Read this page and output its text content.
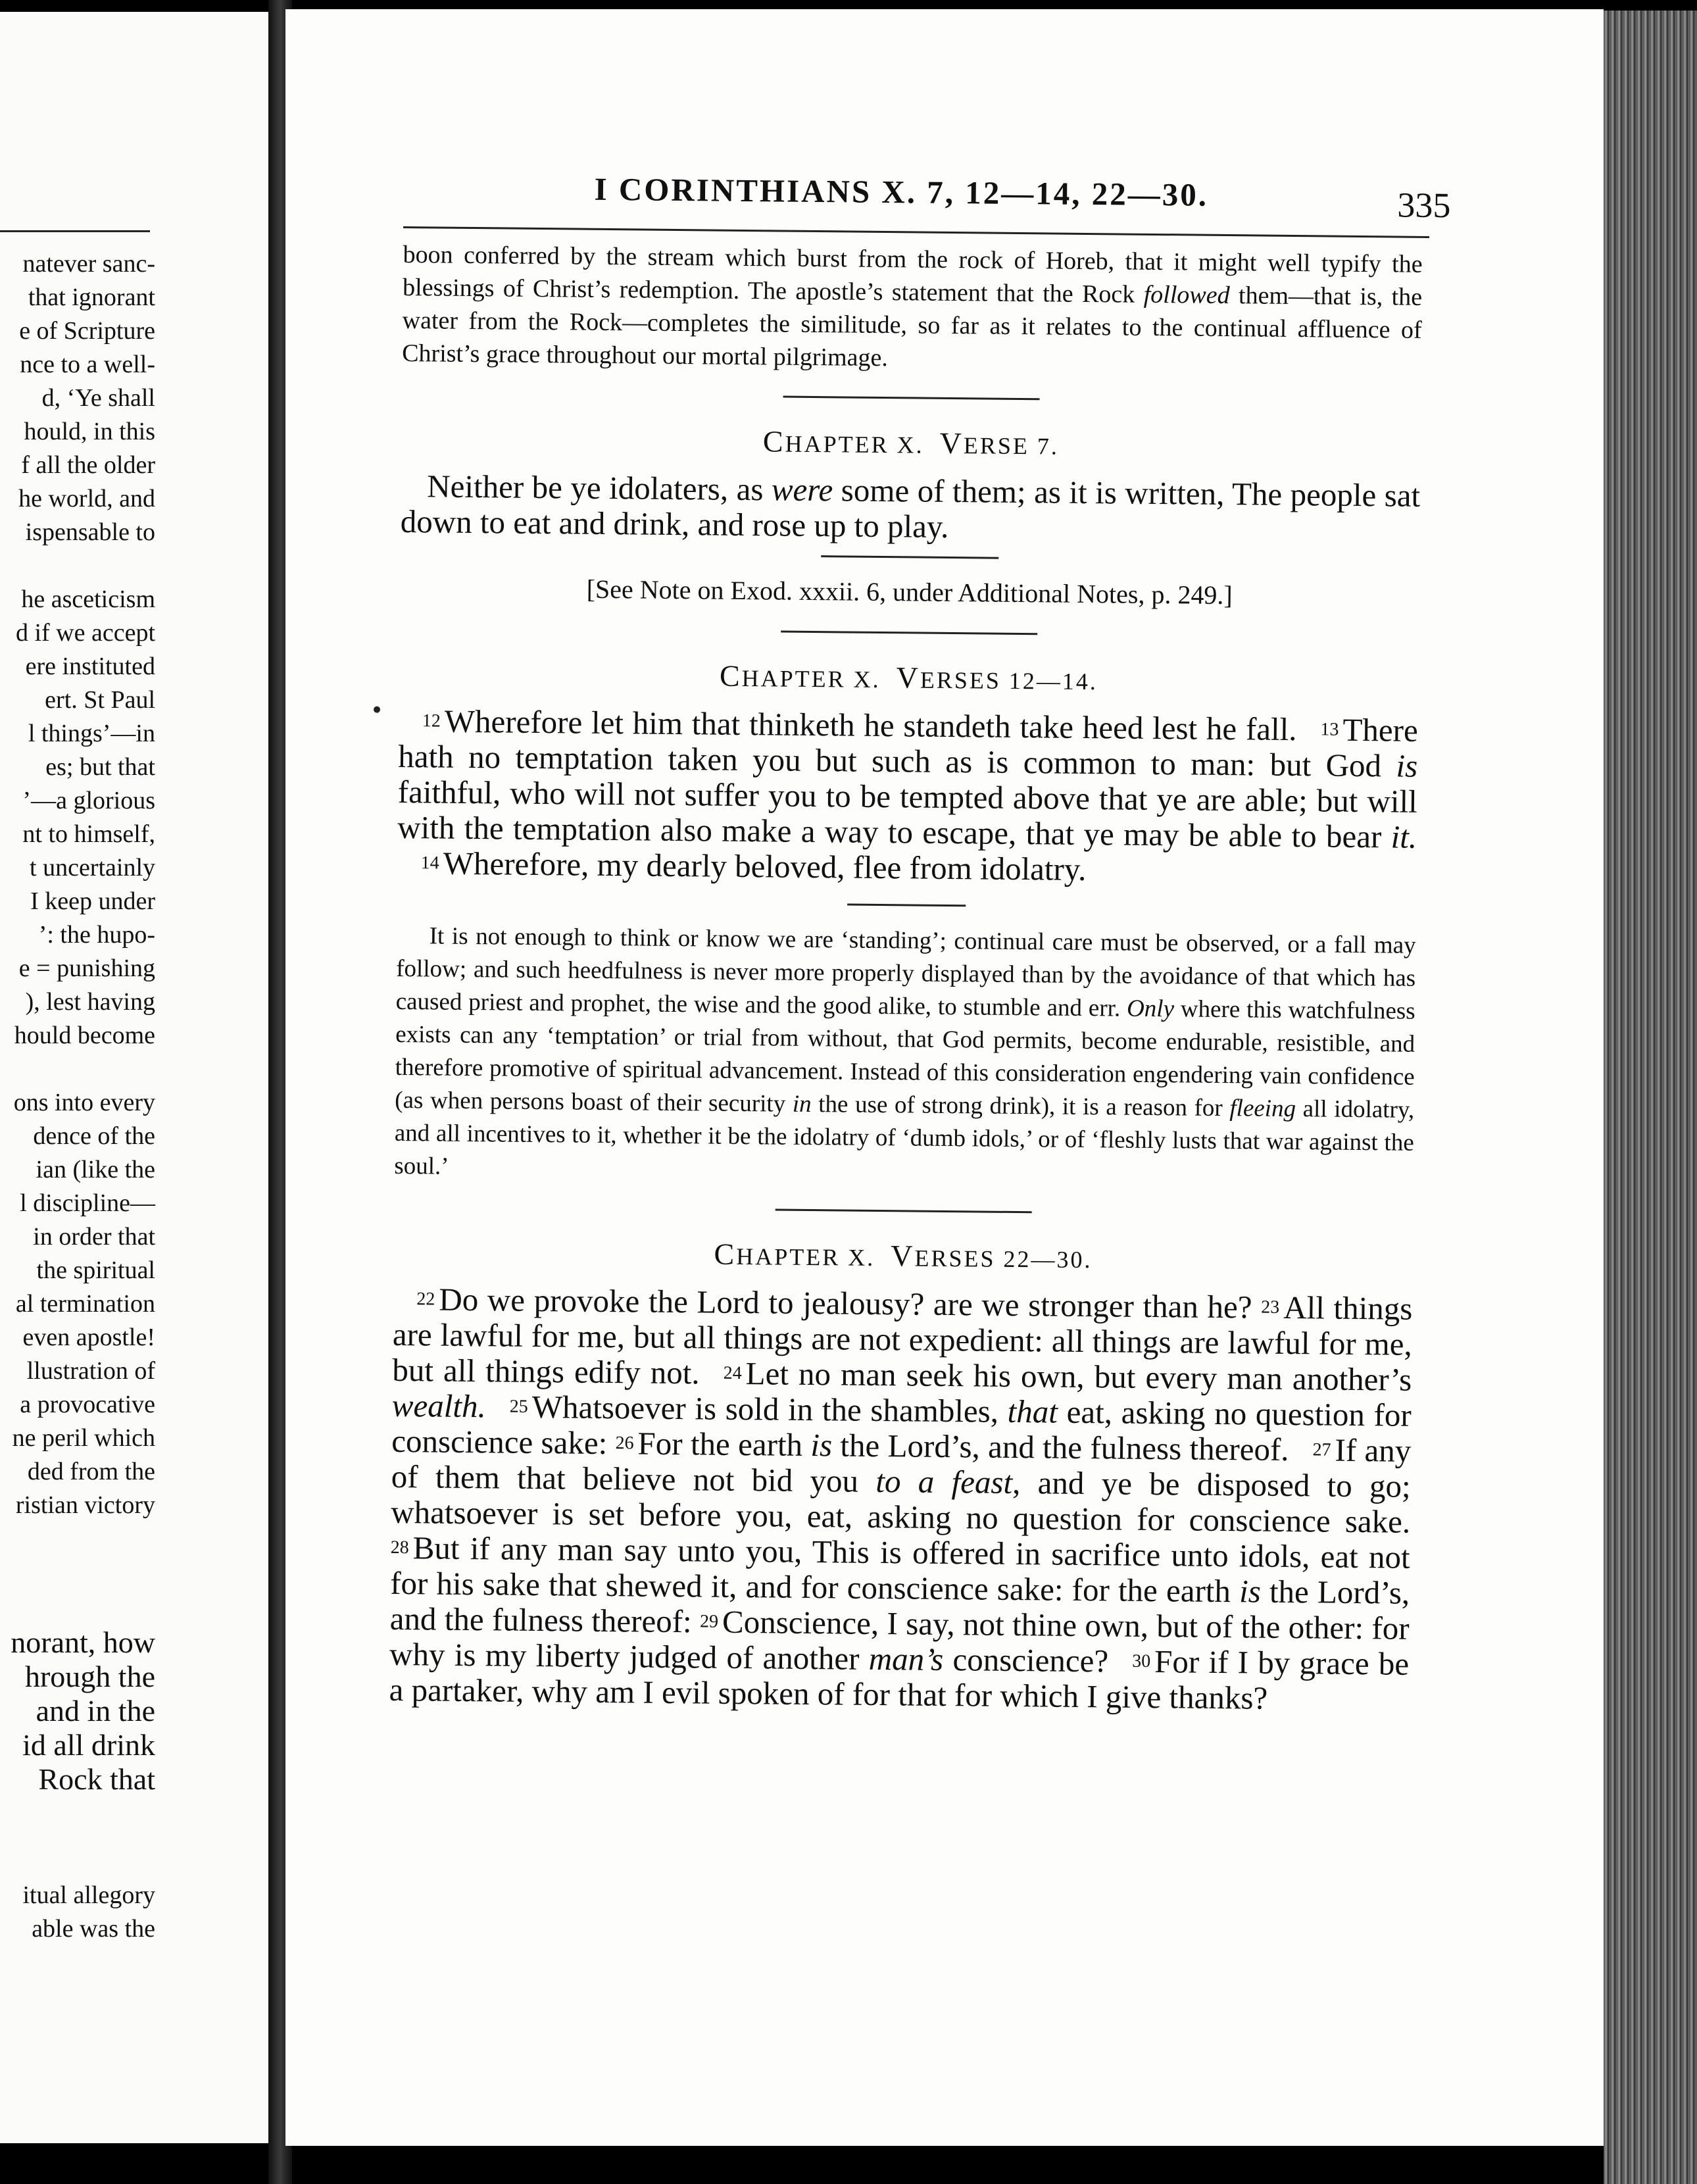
natever sanc-
that ignorant
e of Scripture
nce to a well-
d, ‘Ye shall
hould, in this
f all the older
he world, and
ispensable to
he asceticism
d if we accept
ere instituted
ert. St Paul
l things’—in
es; but that
’—a glorious
nt to himself,
t uncertainly
I keep under
’: the hupo-
e = punishing
), lest having
hould become
ons into every
dence of the
ian (like the
l discipline—
in order that
the spiritual
al termination
even apostle!
llustration of
a provocative
ne peril which
ded from the
ristian victory
norant, how
hrough the
and in the
id all drink
Rock that
itual allegory
able was the
I CORINTHIANS X. 7, 12—14, 22—30.	335

boon conferred by the stream which burst from the rock of Horeb, that it might well typify the blessings of Christ’s redemption. The apostle’s statement that the Rock followed them—that is, the water from the Rock—completes the similitude, so far as it relates to the continual affluence of Christ’s grace throughout our mortal pilgrimage.

CHAPTER X. VERSE 7.

Neither be ye idolaters, as were some of them; as it is written, The people sat down to eat and drink, and rose up to play.

[See Note on Exod. xxxii. 6, under Additional Notes, p. 249.]

CHAPTER X. VERSES 12—14.

12 Wherefore let him that thinketh he standeth take heed lest he fall. 13 There hath no temptation taken you but such as is common to man: but God is faithful, who will not suffer you to be tempted above that ye are able; but will with the temptation also make a way to escape, that ye may be able to bear it.14 Wherefore, my dearly beloved, flee from idolatry.

It is not enough to think or know we are ‘standing’; continual care must be observed, or a fall may follow; and such heedfulness is never more properly displayed than by the avoidance of that which has caused priest and prophet, the wise and the good alike, to stumble and err. Only where this watchfulness exists can any ‘temptation’ or trial from without, that God permits, become endurable, resistible, and therefore promotive of spiritual advancement. Instead of this consideration engendering vain confidence (as when persons boast of their security in the use of strong drink), it is a reason for fleeing all idolatry, and all incentives to it, whether it be the idolatry of ‘dumb idols,’ or of ‘fleshly lusts that war against the soul.’

CHAPTER X. VERSES 22—30.

22 Do we provoke the Lord to jealousy? are we stronger than he? 23 All things are lawful for me, but all things are not expedient: all things are lawful for me, but all things edify not. 24 Let no man seek his own, but every man another’s wealth. 25 Whatsoever is sold in the shambles, that eat, asking no question for conscience sake: 26 For the earth is the Lord’s, and the fulness thereof. 27 If any of them that believe not bid you to a feast, and ye be disposed to go; whatsoever is set before you, eat, asking no question for conscience sake. 28 But if any man say unto you, This is offered in sacrifice unto idols, eat not for his sake that shewed it, and for conscience sake: for the earth is the Lord’s, and the fulness thereof: 29 Conscience, I say, not thine own, but of the other: for why is my liberty judged of another man’s conscience? 30 For if I by grace be a partaker, why am I evil spoken of for that for which I give thanks?
